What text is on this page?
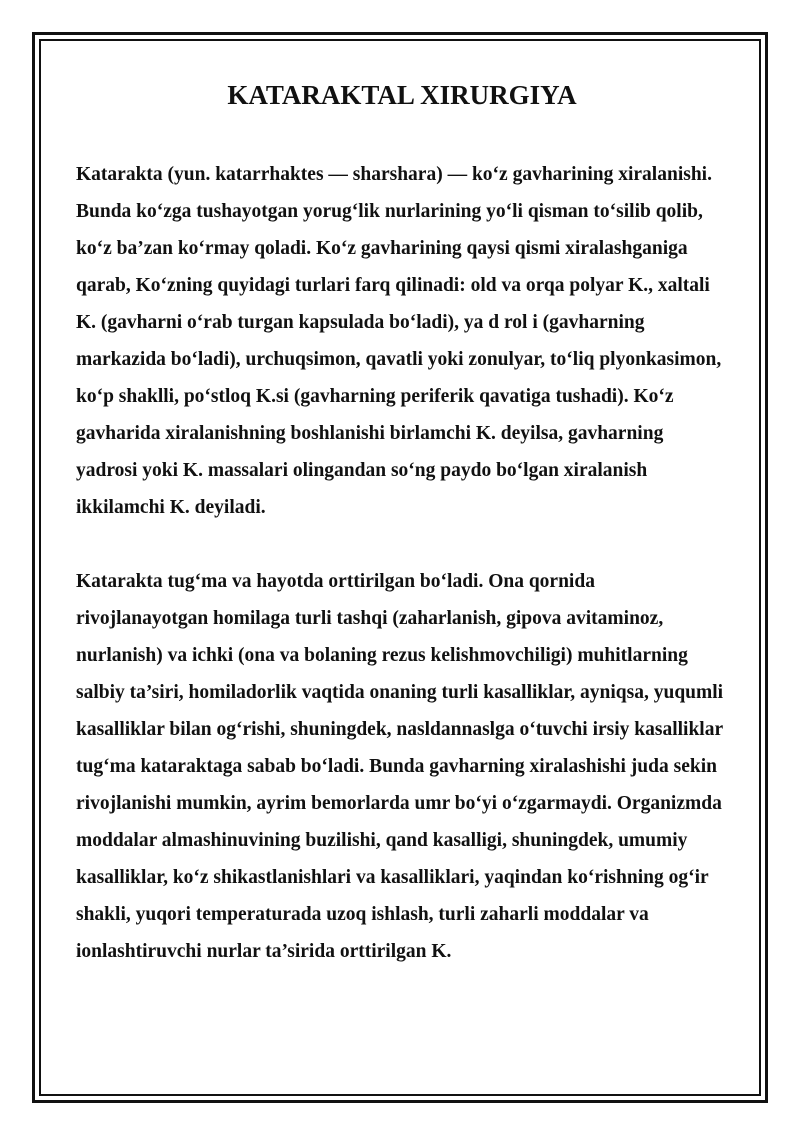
KATARAKTAL XIRURGIYA

Katarakta (yun. katarrhaktes — sharshara) — ko‘z gavharining xiralanishi. Bunda ko‘zga tushayotgan yorug‘lik nurlarining yo‘li qisman to‘silib qolib, ko‘z ba’zan ko‘rmay qoladi. Ko‘z gavharining qaysi qismi xiralashganiga qarab, Ko‘zning quyidagi turlari farq qilinadi: old va orqa polyar K., xaltali K. (gavharni o‘rab turgan kapsulada bo‘ladi), ya d rol i (gavharning markazida bo‘ladi), urchuqsimon, qavatli yoki zonulyar, to‘liq plyonkasimon, ko‘p shaklli, po‘stloq K.si (gavharning periferik qavatiga tushadi). Ko‘z gavharida xiralanishning boshlanishi birlamchi K. deyilsa, gavharning yadrosi yoki K. massalari olingandan so‘ng paydo bo‘lgan xiralanish ikkilamchi K. deyiladi.

Katarakta tug‘ma va hayotda orttirilgan bo‘ladi. Ona qornida rivojlanayotgan homilaga turli tashqi (zaharlanish, gipova avitaminoz, nurlanish) va ichki (ona va bolaning rezus kelishmovchiligi) muhitlarning salbiy ta’siri, homiladorlik vaqtida onaning turli kasalliklar, ayniqsa, yuqumli kasalliklar bilan og‘rishi, shuningdek, nasldannaslga o‘tuvchi irsiy kasalliklar tug‘ma kataraktaga sabab bo‘ladi. Bunda gavharning xiralashishi juda sekin rivojlanishi mumkin, ayrim bemorlarda umr bo‘yi o‘zgarmaydi. Organizmda moddalar almashinuvining buzilishi, qand kasalligi, shuningdek, umumiy kasalliklar, ko‘z shikastlanishlari va kasalliklari, yaqindan ko‘rishning og‘ir shakli, yuqori temperaturada uzoq ishlash, turli zaharli moddalar va ionlashtiruvchi nurlar ta’sirida orttirilgan K.
